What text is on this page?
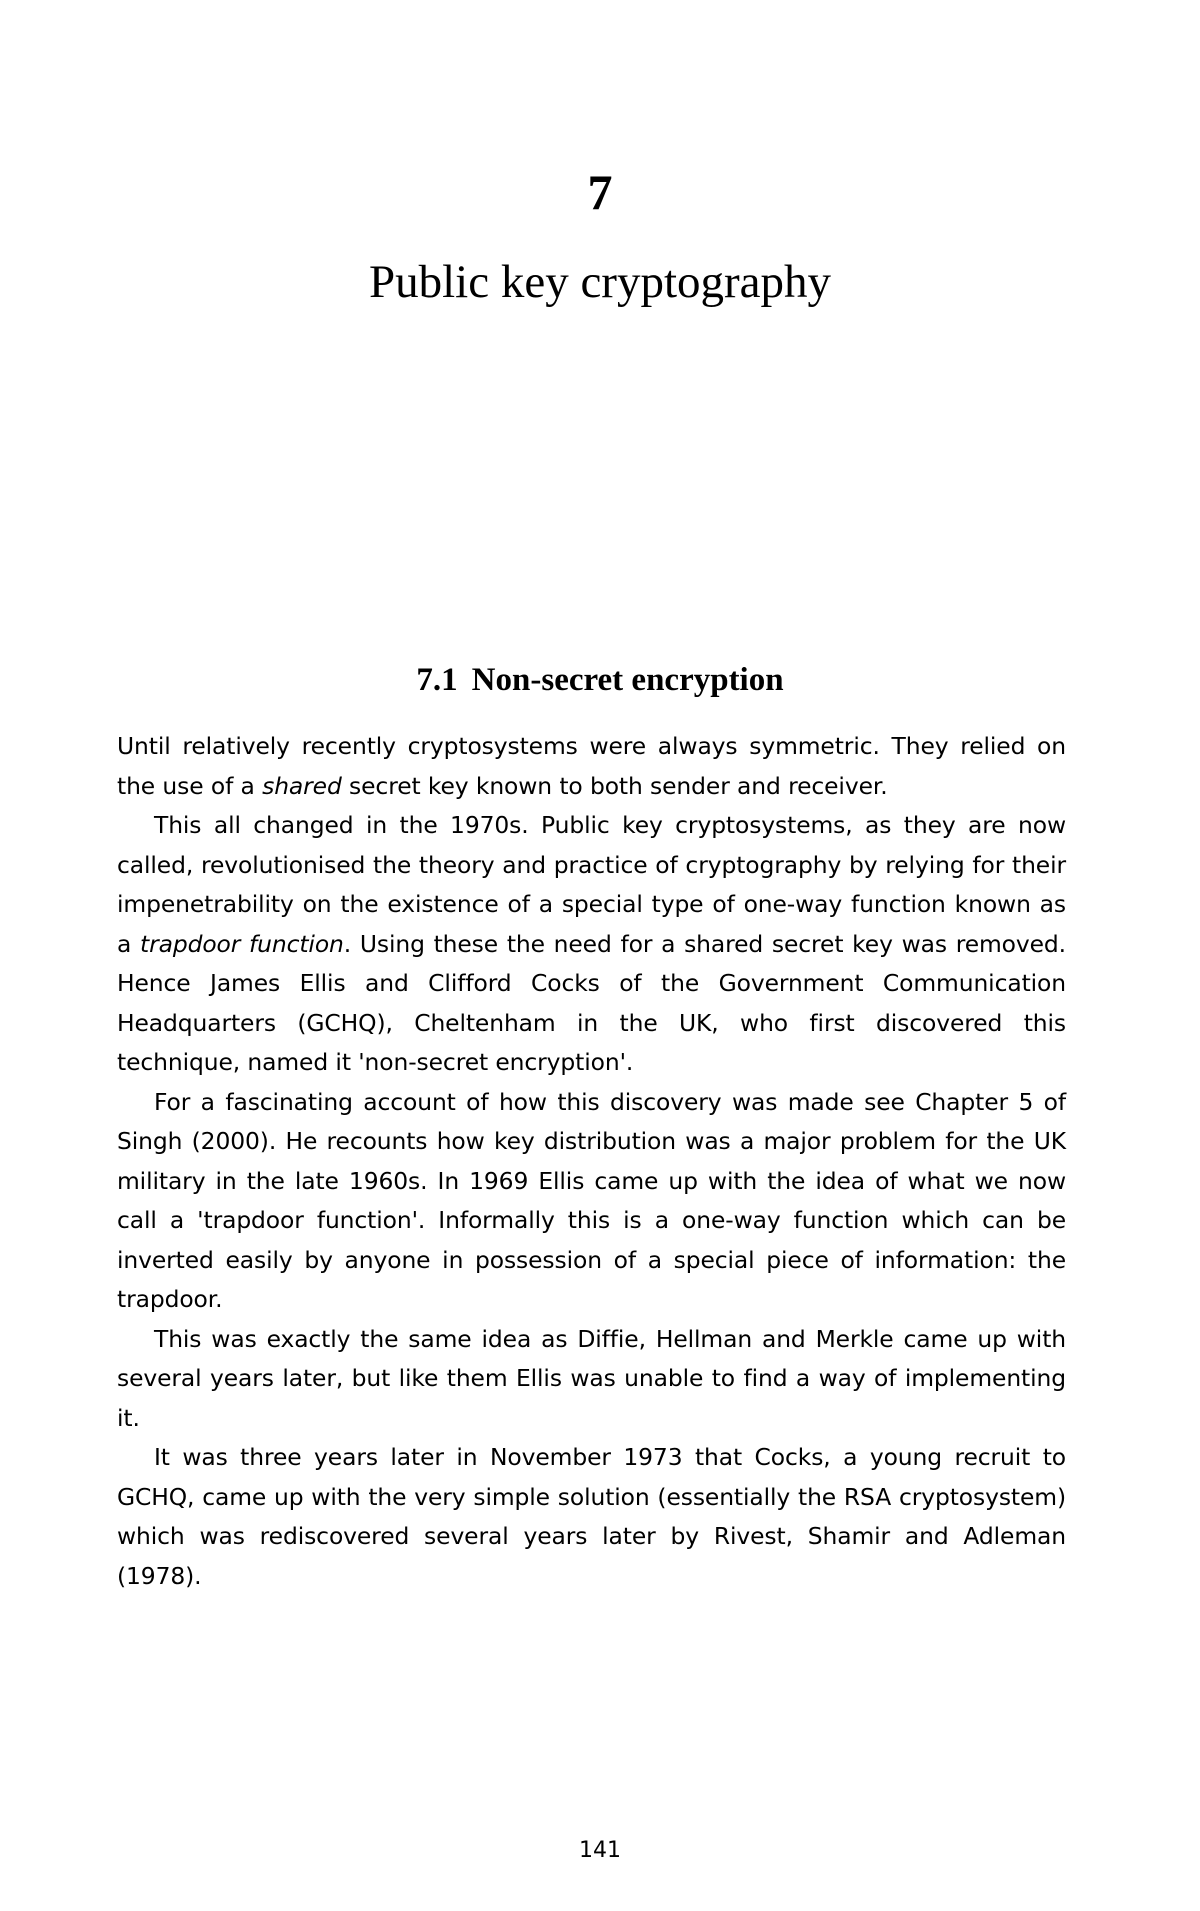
7
Public key cryptography
7.1 Non-secret encryption

Until relatively recently cryptosystems were always symmetric. They relied on the use of a shared secret key known to both sender and receiver.

This all changed in the 1970s. Public key cryptosystems, as they are now called, revolutionised the theory and practice of cryptography by relying for their impenetrability on the existence of a special type of one-way function known as a trapdoor function. Using these the need for a shared secret key was removed. Hence James Ellis and Clifford Cocks of the Government Communication Headquarters (GCHQ), Cheltenham in the UK, who first discovered this technique, named it 'non-secret encryption'.

For a fascinating account of how this discovery was made see Chapter 5 of Singh (2000). He recounts how key distribution was a major problem for the UK military in the late 1960s. In 1969 Ellis came up with the idea of what we now call a 'trapdoor function'. Informally this is a one-way function which can be inverted easily by anyone in possession of a special piece of information: the trapdoor.

This was exactly the same idea as Diffie, Hellman and Merkle came up with several years later, but like them Ellis was unable to find a way of implementing it.

It was three years later in November 1973 that Cocks, a young recruit to GCHQ, came up with the very simple solution (essentially the RSA cryptosystem) which was rediscovered several years later by Rivest, Shamir and Adleman (1978).

141
